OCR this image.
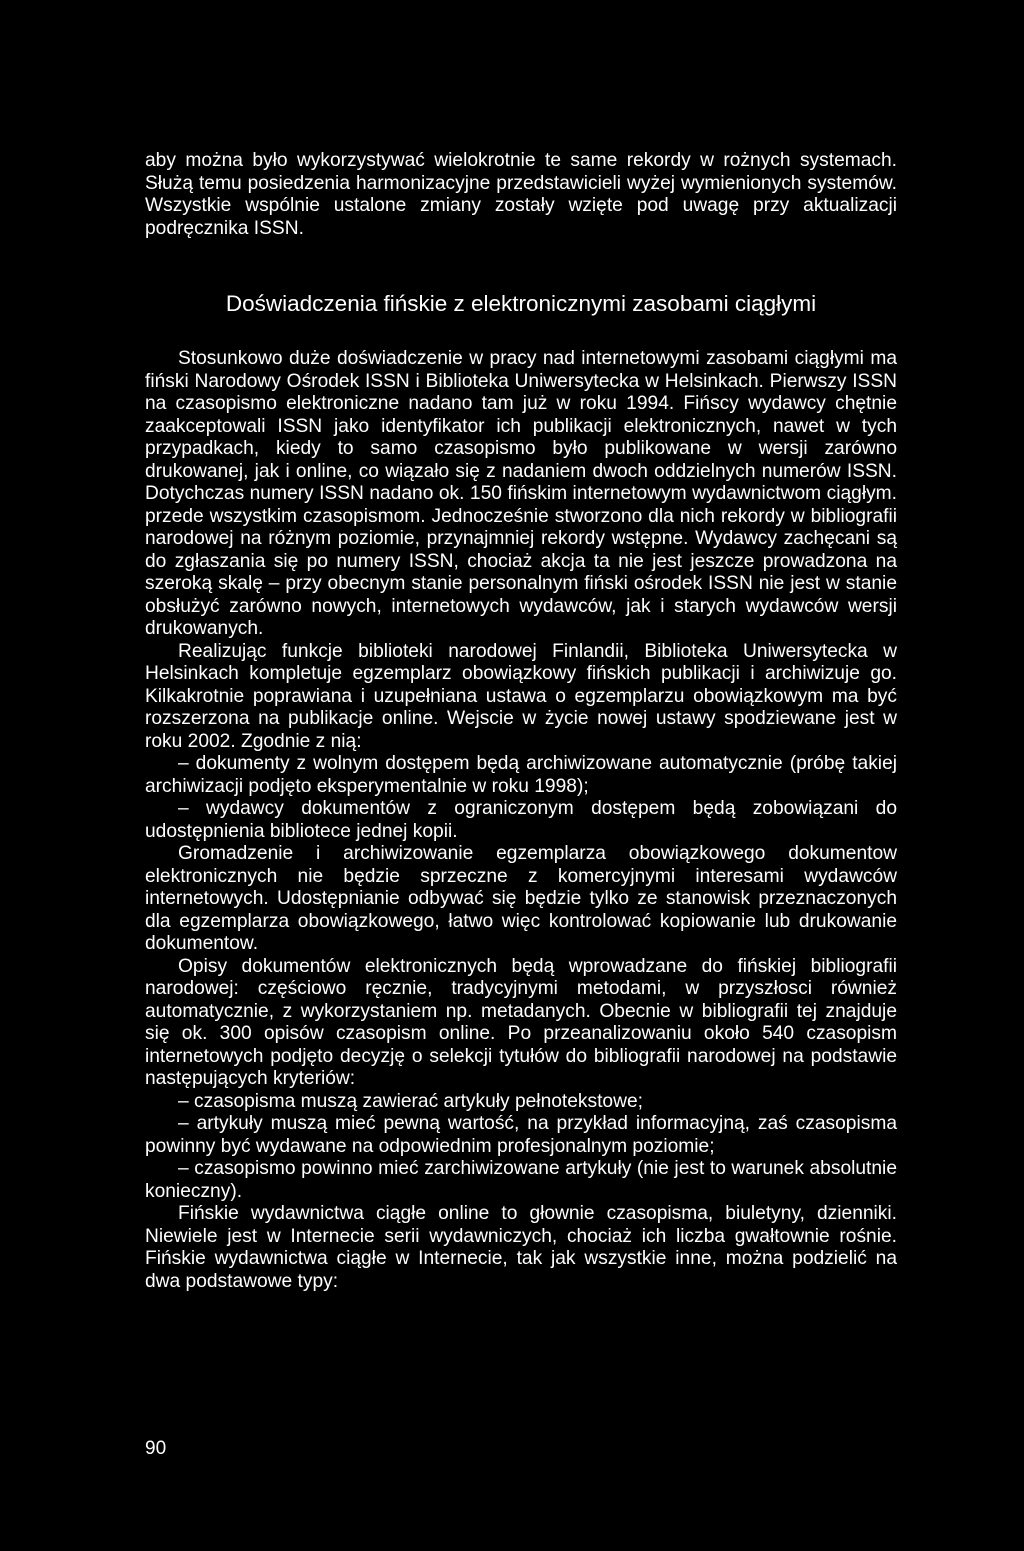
aby można było wykorzystywać wielokrotnie te same rekordy w rożnych systemach. Służą temu posiedzenia harmonizacyjne przedstawicieli wyżej wymienionych systemów. Wszystkie wspólnie ustalone zmiany zostały wzięte pod uwagę przy aktualizacji podręcznika ISSN.

Doświadczenia fińskie z elektronicznymi zasobami ciągłymi

Stosunkowo duże doświadczenie w pracy nad internetowymi zasobami ciągłymi ma fiński Narodowy Ośrodek ISSN i Biblioteka Uniwersytecka w Helsinkach. Pierwszy ISSN na czasopismo elektroniczne nadano tam już w roku 1994. Fińscy wydawcy chętnie zaakceptowali ISSN jako identyfikator ich publikacji elektronicznych, nawet w tych przypadkach, kiedy to samo czasopismo było publikowane w wersji zarówno drukowanej, jak i online, co wiązało się z nadaniem dwoch oddzielnych numerów ISSN. Dotychczas numery ISSN nadano ok. 150 fińskim internetowym wydawnictwom ciągłym. przede wszystkim czasopismom. Jednocześnie stworzono dla nich rekordy w bibliografii narodowej na różnym poziomie, przynajmniej rekordy wstępne. Wydawcy zachęcani są do zgłaszania się po numery ISSN, chociaż akcja ta nie jest jeszcze prowadzona na szeroką skalę – przy obecnym stanie personalnym fiński ośrodek ISSN nie jest w stanie obsłużyć zarówno nowych, internetowych wydawców, jak i starych wydawców wersji drukowanych.

Realizując funkcje biblioteki narodowej Finlandii, Biblioteka Uniwersytecka w Helsinkach kompletuje egzemplarz obowiązkowy fińskich publikacji i archiwizuje go. Kilkakrotnie poprawiana i uzupełniana ustawa o egzemplarzu obowiązkowym ma być rozszerzona na publikacje online. Wejscie w życie nowej ustawy spodziewane jest w roku 2002. Zgodnie z nią:

– dokumenty z wolnym dostępem będą archiwizowane automatycznie (próbę takiej archiwizacji podjęto eksperymentalnie w roku 1998);

– wydawcy dokumentów z ograniczonym dostępem będą zobowiązani do udostępnienia bibliotece jednej kopii.

Gromadzenie i archiwizowanie egzemplarza obowiązkowego dokumentow elektronicznych nie będzie sprzeczne z komercyjnymi interesami wydawców internetowych. Udostępnianie odbywać się będzie tylko ze stanowisk przeznaczonych dla egzemplarza obowiązkowego, łatwo więc kontrolować kopiowanie lub drukowanie dokumentow.

Opisy dokumentów elektronicznych będą wprowadzane do fińskiej bibliografii narodowej: częściowo ręcznie, tradycyjnymi metodami, w przyszłosci również automatycznie, z wykorzystaniem np. metadanych. Obecnie w bibliografii tej znajduje się ok. 300 opisów czasopism online. Po przeanalizowaniu około 540 czasopism internetowych podjęto decyzję o selekcji tytułów do bibliografii narodowej na podstawie następujących kryteriów:

– czasopisma muszą zawierać artykuły pełnotekstowe;

– artykuły muszą mieć pewną wartość, na przykład informacyjną, zaś czasopisma powinny być wydawane na odpowiednim profesjonalnym poziomie;

– czasopismo powinno mieć zarchiwizowane artykuły (nie jest to warunek absolutnie konieczny).

Fińskie wydawnictwa ciągłe online to głownie czasopisma, biuletyny, dzienniki. Niewiele jest w Internecie serii wydawniczych, chociaż ich liczba gwałtownie rośnie. Fińskie wydawnictwa ciągłe w Internecie, tak jak wszystkie inne, można podzielić na dwa podstawowe typy:

90
